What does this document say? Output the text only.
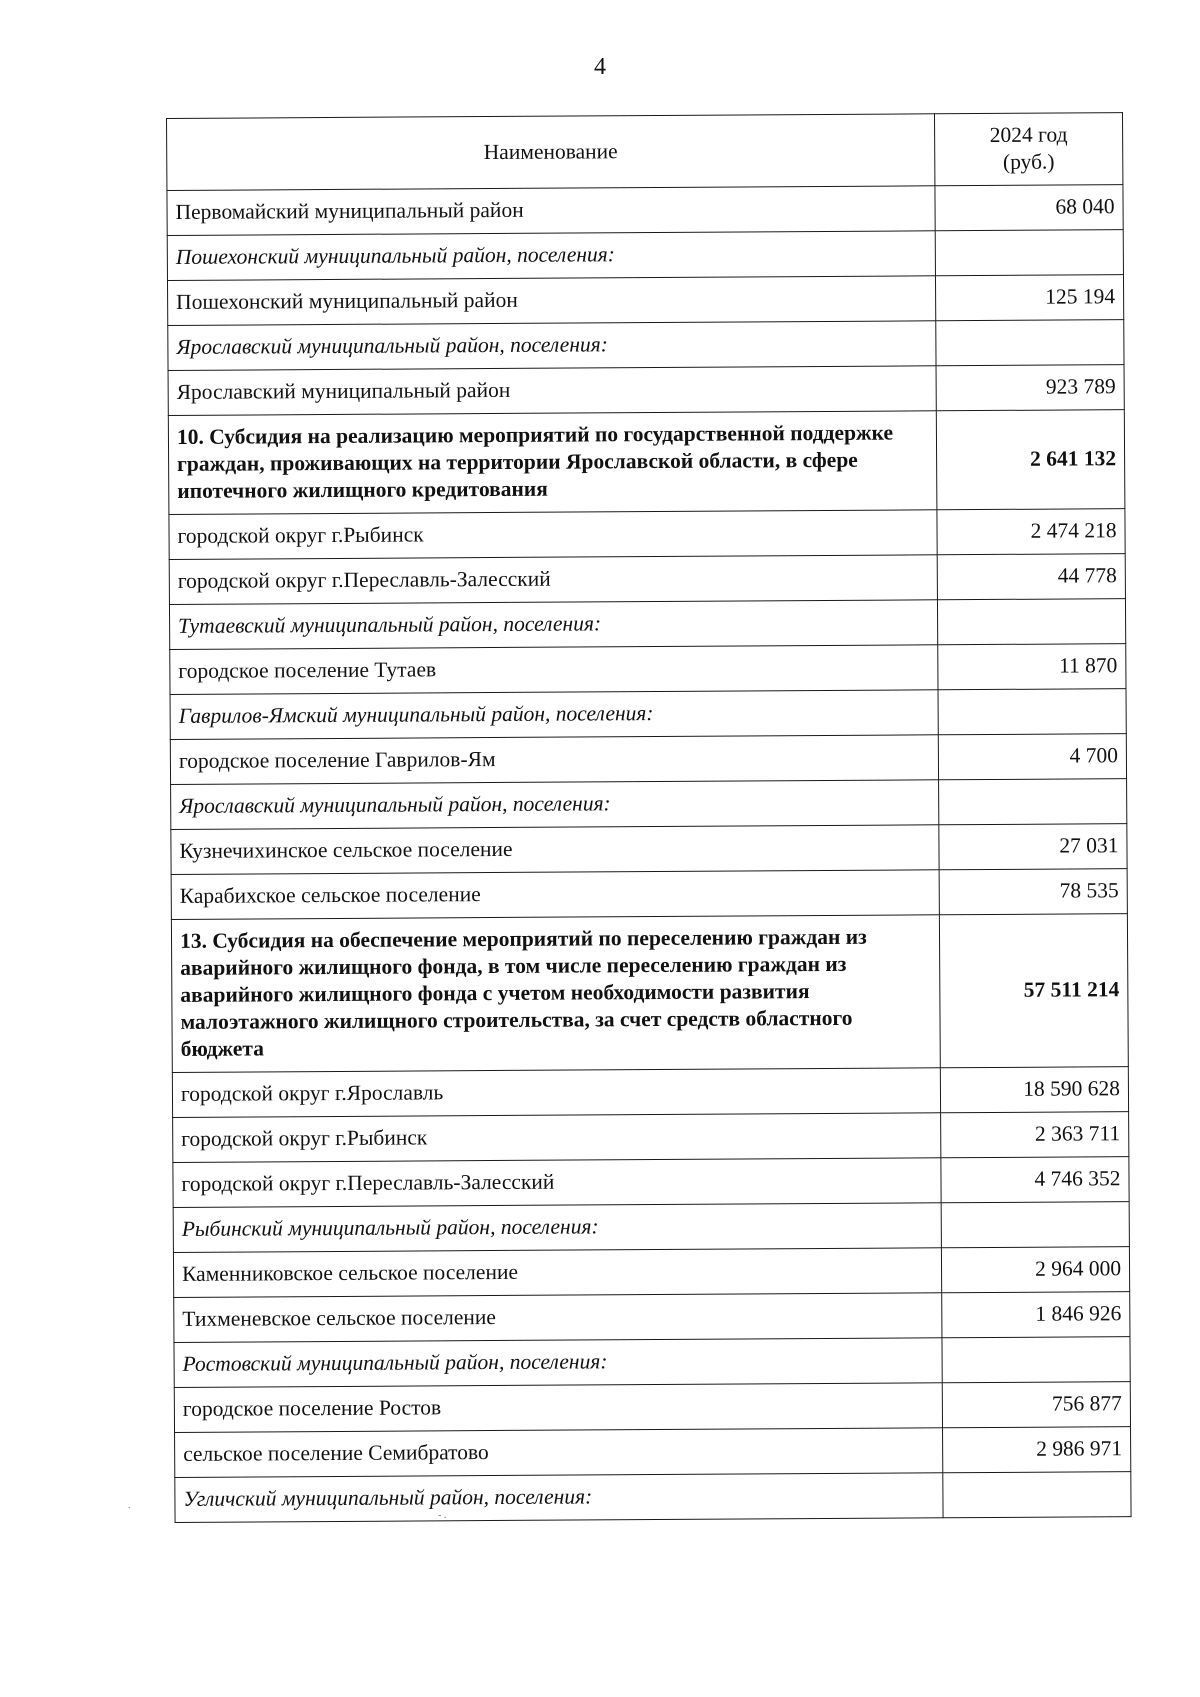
4
Наименование	2024 год
(руб.)
Первомайский муниципальный район	68 040
Пошехонский муниципальный район, поселения:	
Пошехонский муниципальный район	125 194
Ярославский муниципальный район, поселения:	
Ярославский муниципальный район	923 789
10. Субсидия на реализацию мероприятий по государственной поддержке граждан, проживающих на территории Ярославской области, в сфере ипотечного жилищного кредитования	2 641 132
городской округ г.Рыбинск	2 474 218
городской округ г.Переславль-Залесский	44 778
Тутаевский муниципальный район, поселения:	
городское поселение Тутаев	11 870
Гаврилов-Ямский муниципальный район, поселения:	
городское поселение Гаврилов-Ям	4 700
Ярославский муниципальный район, поселения:	
Кузнечихинское сельское поселение	27 031
Карабихское сельское поселение	78 535
13. Субсидия на обеспечение мероприятий по переселению граждан из аварийного жилищного фонда, в том числе переселению граждан из аварийного жилищного фонда с учетом необходимости развития малоэтажного жилищного строительства, за счет средств областного бюджета	57 511 214
городской округ г.Ярославль	18 590 628
городской округ г.Рыбинск	2 363 711
городской округ г.Переславль-Залесский	4 746 352
Рыбинский муниципальный район, поселения:	
Каменниковское сельское поселение	2 964 000
Тихменевское сельское поселение	1 846 926
Ростовский муниципальный район, поселения:	
городское поселение Ростов	756 877
сельское поселение Семибратово	2 986 971
Угличский муниципальный район, поселения:	
.
- .
